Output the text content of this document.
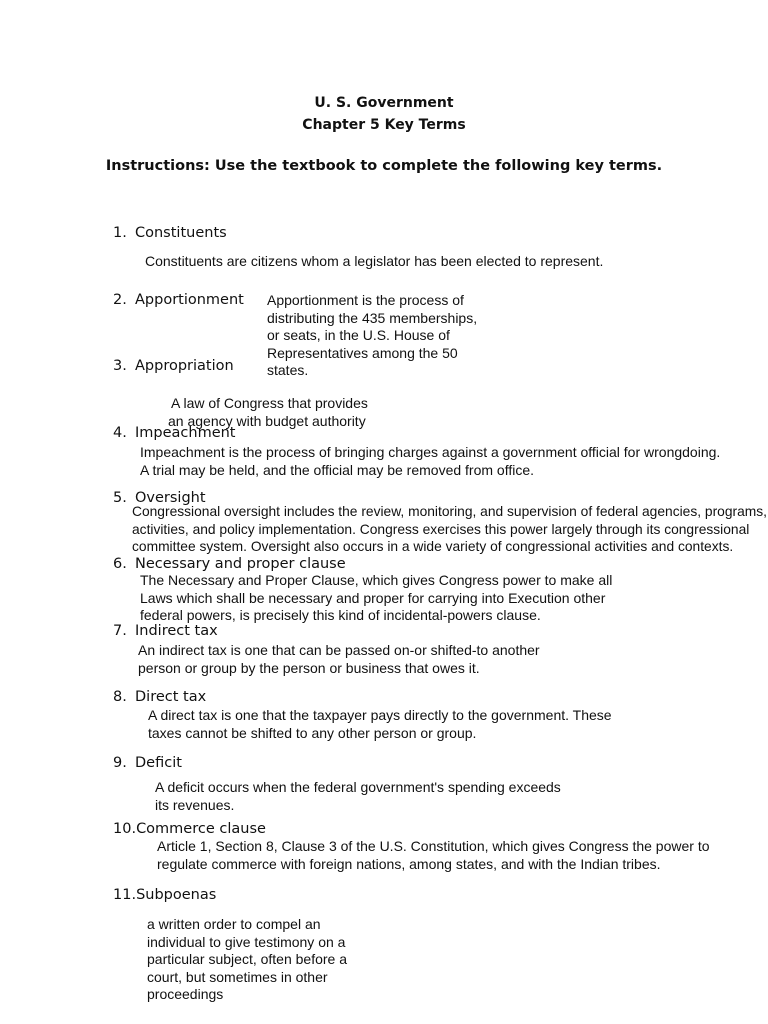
U. S. Government
Chapter 5 Key Terms
Instructions: Use the textbook to complete the following key terms.
1. Constituents
Constituents are citizens whom a legislator has been elected to represent.
2. Apportionment Apportionment is the process of
distributing the 435 memberships,
or seats, in the U.S. House of
Representatives among the 50
states.
3. Appropriation
A law of Congress that provides
an agency with budget authority
4. Impeachment
Impeachment is the process of bringing charges against a government official for wrongdoing.
A trial may be held, and the official may be removed from office.
5. Oversight
Congressional oversight includes the review, monitoring, and supervision of federal agencies, programs,
activities, and policy implementation. Congress exercises this power largely through its congressional
committee system. Oversight also occurs in a wide variety of congressional activities and contexts.
6. Necessary and proper clause
The Necessary and Proper Clause, which gives Congress power to make all
Laws which shall be necessary and proper for carrying into Execution other
federal powers, is precisely this kind of incidental-powers clause.
7. Indirect tax
An indirect tax is one that can be passed on-or shifted-to another
person or group by the person or business that owes it.
8. Direct tax
A direct tax is one that the taxpayer pays directly to the government. These
taxes cannot be shifted to any other person or group.
9. Deficit
A deficit occurs when the federal government's spending exceeds
its revenues.
10.Commerce clause
Article 1, Section 8, Clause 3 of the U.S. Constitution, which gives Congress the power to
regulate commerce with foreign nations, among states, and with the Indian tribes.
11.Subpoenas
a written order to compel an
individual to give testimony on a
particular subject, often before a
court, but sometimes in other
proceedings
